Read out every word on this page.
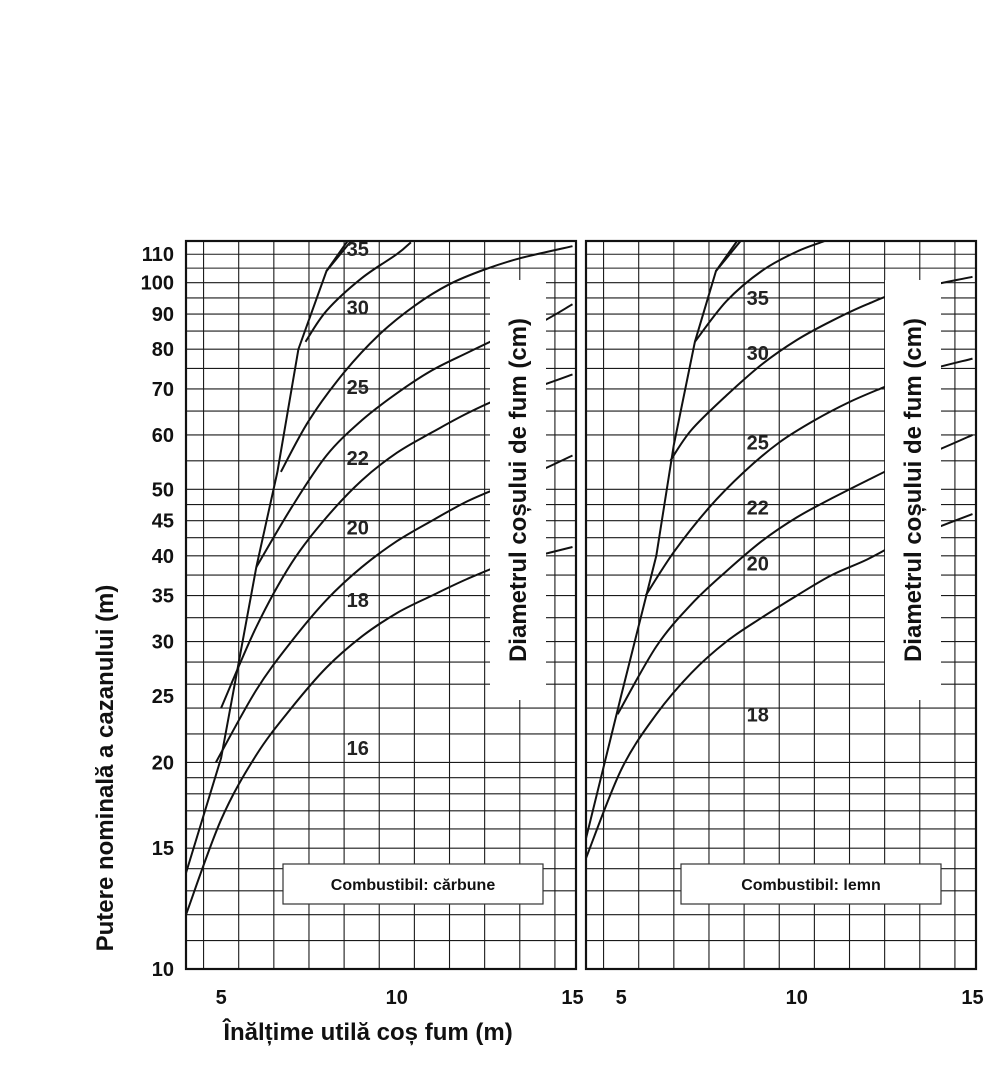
Diametrul coșului de fum (cm)
16
18
20
22
25
30
35
Combustibil: cărbune
5	10	15
Diametrul coșului de fum (cm)
18
20
22
25
30
35
Combustibil: lemn
5	10	15
10
15
20
25
30
35
40
45
50
60
70
80
90
100
110
Putere nominală a cazanului (m)
Înălțime utilă coș fum (m)
